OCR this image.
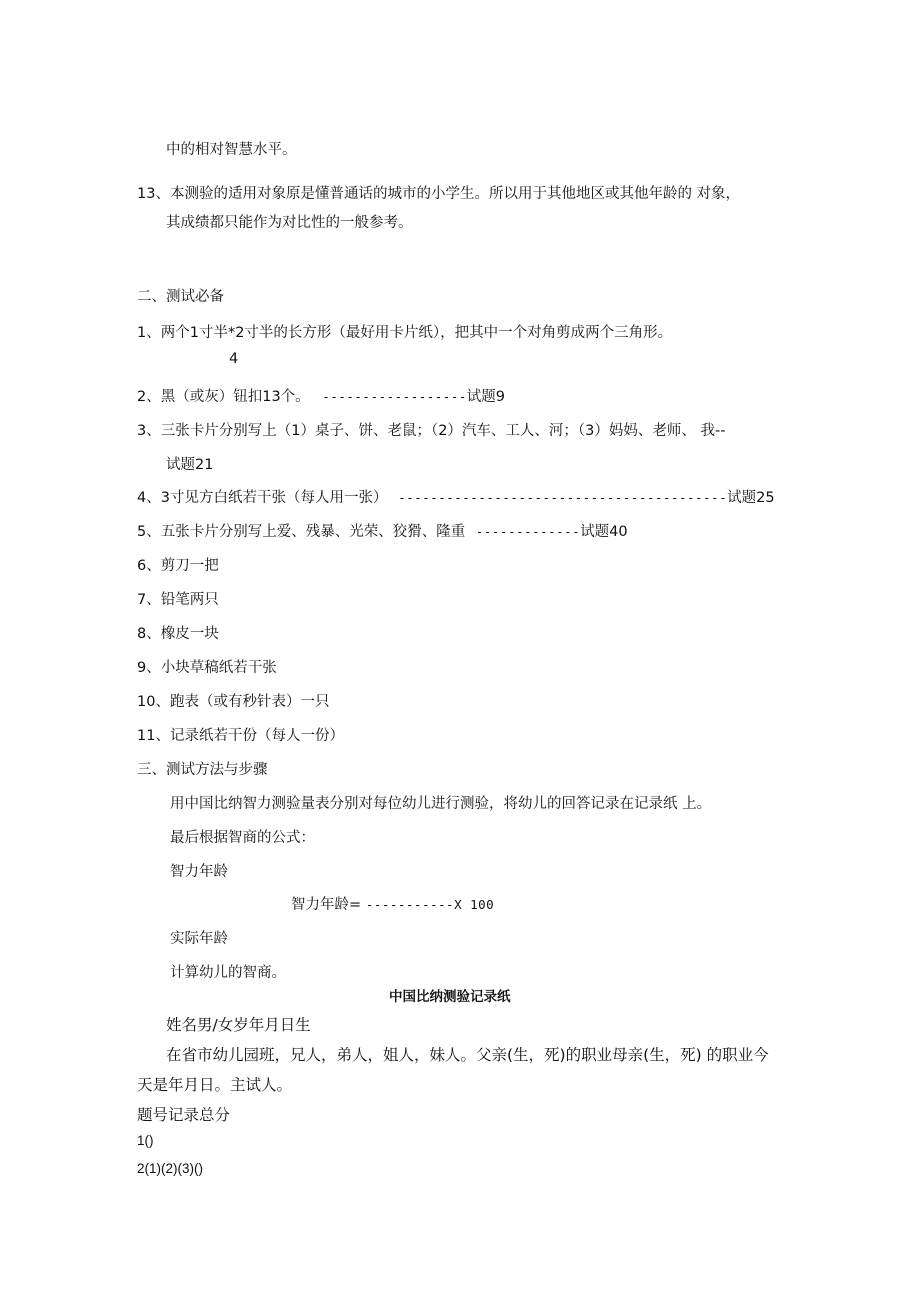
中的相对智慧水平。
13、本测验的适用对象原是懂普通话的城市的小学生。所以用于其他地区或其他年龄的 对象，
其成绩都只能作为对比性的一般参考。
二、测试必备
1、两个1寸半*2寸半的长方形（最好用卡片纸），把其中一个对角剪成两个三角形。
4
2、黑（或灰）钮扣13个。 ------------------试题9
3、三张卡片分别写上（1）桌子、饼、老鼠；（2）汽车、工人、河；（3）妈妈、老师、 我--
试题21
4、3寸见方白纸若干张（每人用一张） -----------------------------------------试题25
5、五张卡片分别写上爱、残暴、光荣、狡猾、隆重 -------------试题40
6、剪刀一把
7、铅笔两只
8、橡皮一块
9、小块草稿纸若干张
10、跑表（或有秒针表）一只
11、记录纸若干份（每人一份）
三、测试方法与步骤
用中国比纳智力测验量表分别对每位幼儿进行测验，将幼儿的回答记录在记录纸 上。
最后根据智商的公式：
智力年龄
智力年龄= -----------X 100
实际年龄
计算幼儿的智商。
中国比纳测验记录纸
姓名男/女岁年月日生
在省市幼儿园班，兄人，弟人，姐人，妹人。父亲(生，死)的职业母亲(生，死) 的职业今
天是年月日。主试人。
题号记录总分
1()
2(1)(2)(3)()
